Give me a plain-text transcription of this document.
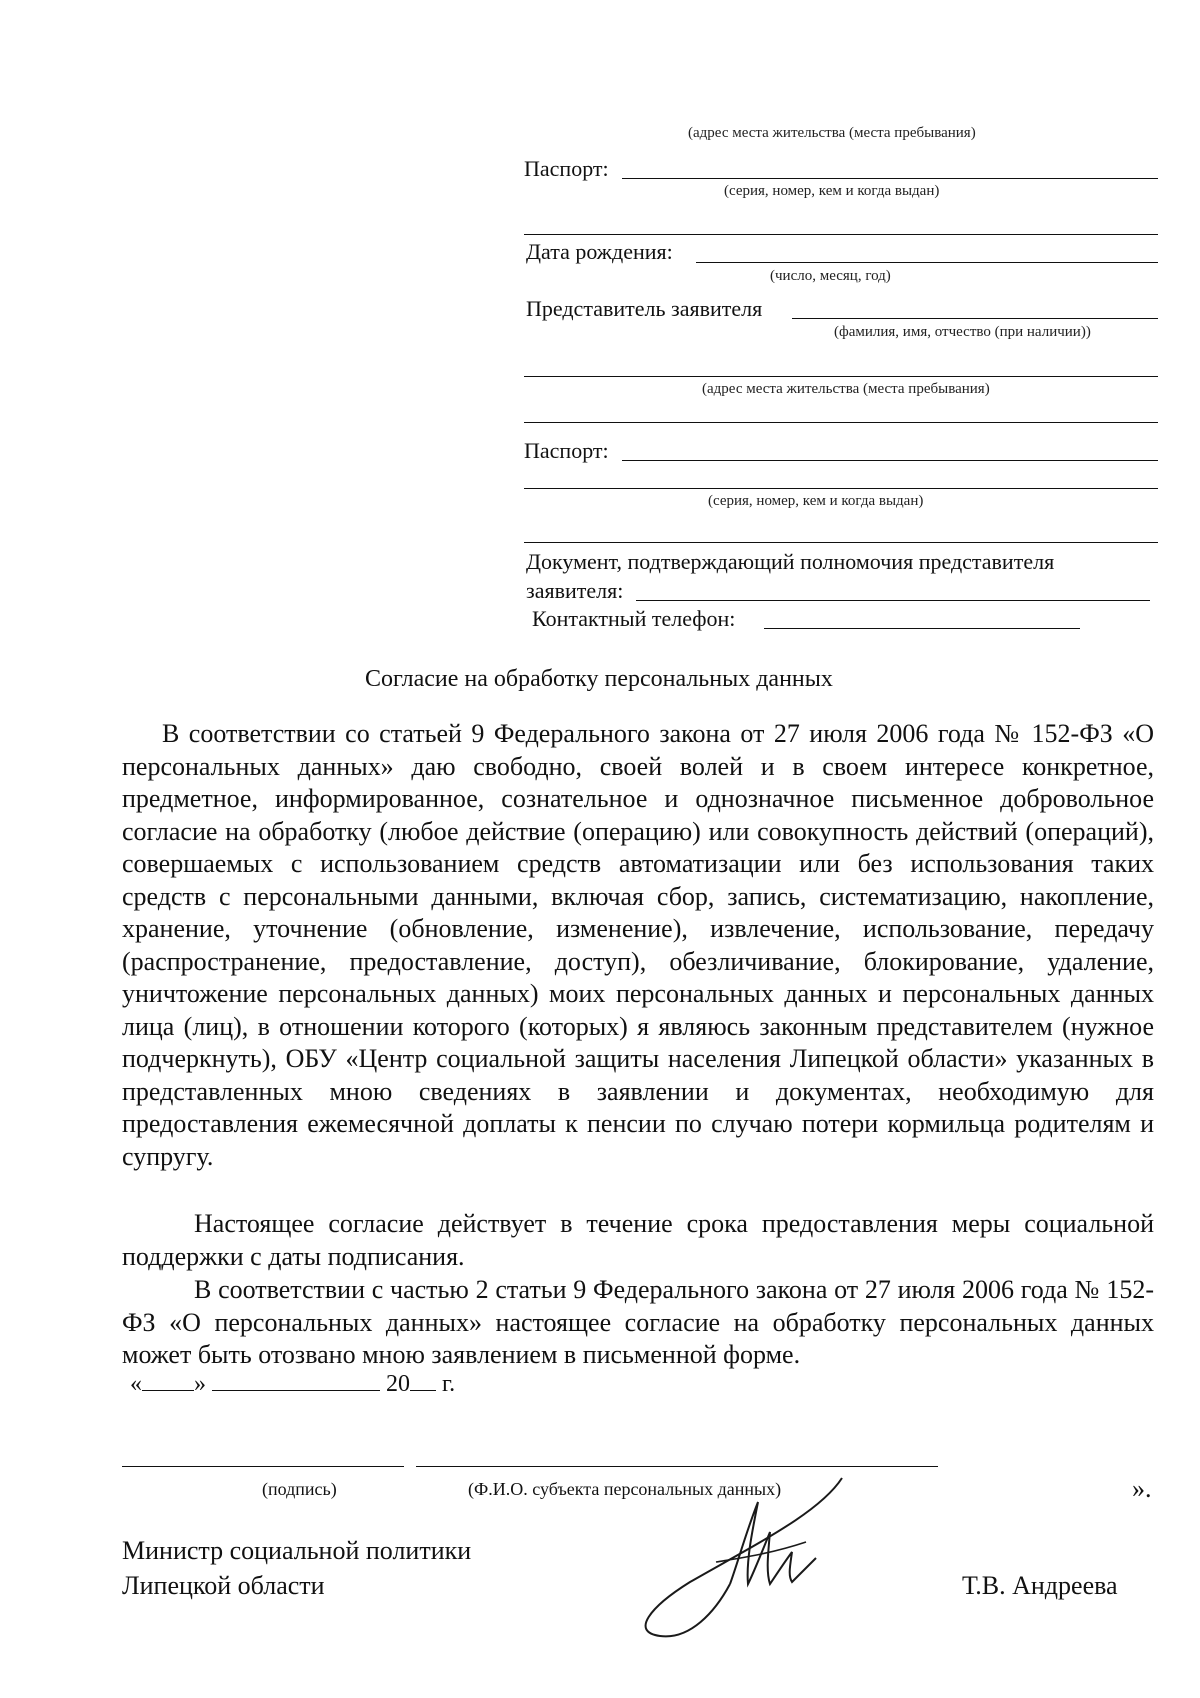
(адрес места жительства (места пребывания)
Паспорт:
(серия, номер, кем и когда выдан)
Дата рождения:
(число, месяц, год)
Представитель заявителя
(фамилия, имя, отчество (при наличии))
(адрес места жительства (места пребывания)
Паспорт:
(серия, номер, кем и когда выдан)
Документ, подтверждающий полномочия представителя
заявителя:
Контактный телефон:
Согласие на обработку персональных данных
В соответствии со статьей 9 Федерального закона от 27 июля 2006 года № 152-ФЗ «О персональных данных» даю свободно, своей волей и в своем интересе конкретное, предметное, информированное, сознательное и однозначное письменное добровольное согласие на обработку (любое действие (операцию) или совокупность действий (операций), совершаемых с использованием средств автоматизации или без использования таких средств с персональными данными, включая сбор, запись, систематизацию, накопление, хранение, уточнение (обновление, изменение), извлечение, использование, передачу (распространение, предоставление, доступ), обезличивание, блокирование, удаление, уничтожение персональных данных) моих персональных данных и персональных данных лица (лиц), в отношении которого (которых) я являюсь законным представителем (нужное подчеркнуть), ОБУ «Центр социальной защиты населения Липецкой области» указанных в представленных мною сведениях в заявлении и документах, необходимую для предоставления ежемесячной доплаты к пенсии по случаю потери кормильца родителям и супругу.
Настоящее согласие действует в течение срока предоставления меры социальной поддержки с даты подписания.
В соответствии с частью 2 статьи 9 Федерального закона от 27 июля 2006 года № 152-ФЗ «О персональных данных» настоящее согласие на обработку персональных данных может быть отозвано мною заявлением в письменной форме.
« »	20 г.
(подпись)	(Ф.И.О. субъекта персональных данных)	».
Министр социальной политики
Липецкой области	Т.В. Андреева
